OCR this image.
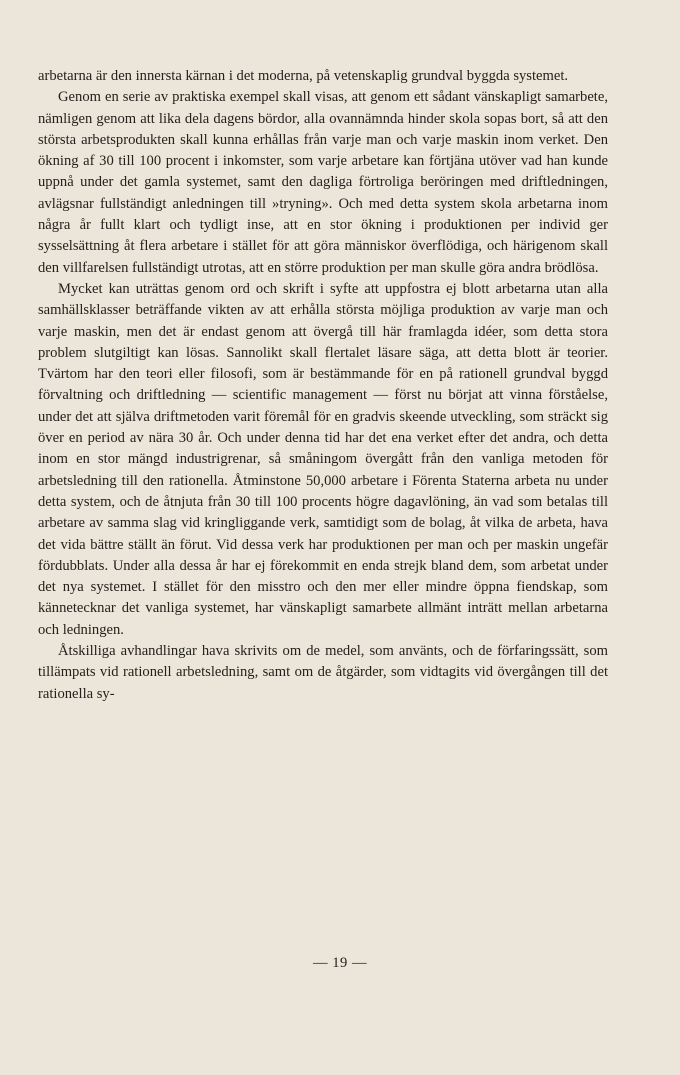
arbetarna är den innersta kärnan i det moderna, på vetenskaplig grundval byggda systemet.

Genom en serie av praktiska exempel skall visas, att genom ett sådant vänskapligt samarbete, nämligen genom att lika dela dagens bördor, alla ovannämnda hinder skola sopas bort, så att den största arbetsprodukten skall kunna erhållas från varje man och varje maskin inom verket. Den ökning af 30 till 100 procent i inkomster, som varje arbetare kan förtjäna utöver vad han kunde uppnå under det gamla systemet, samt den dagliga förtroliga beröringen med driftledningen, avlägsnar fullständigt anledningen till »tryning». Och med detta system skola arbetarna inom några år fullt klart och tydligt inse, att en stor ökning i produktionen per individ ger sysselsättning åt flera arbetare i stället för att göra människor överflödiga, och härigenom skall den villfarelsen fullständigt utrotas, att en större produktion per man skulle göra andra brödlösa.

Mycket kan uträttas genom ord och skrift i syfte att uppfostra ej blott arbetarna utan alla samhällsklasser beträffande vikten av att erhålla största möjliga produktion av varje man och varje maskin, men det är endast genom att övergå till här framlagda idéer, som detta stora problem slutgiltigt kan lösas. Sannolikt skall flertalet läsare säga, att detta blott är teorier. Tvärtom har den teori eller filosofi, som är bestämmande för en på rationell grundval byggd förvaltning och driftledning — scientific management — först nu börjat att vinna förståelse, under det att själva driftmetoden varit föremål för en gradvis skeende utveckling, som sträckt sig över en period av nära 30 år. Och under denna tid har det ena verket efter det andra, och detta inom en stor mängd industrigrenar, så småningom övergått från den vanliga metoden för arbetsledning till den rationella. Åtminstone 50,000 arbetare i Förenta Staterna arbeta nu under detta system, och de åtnjuta från 30 till 100 procents högre dagavlöning, än vad som betalas till arbetare av samma slag vid kringliggande verk, samtidigt som de bolag, åt vilka de arbeta, hava det vida bättre ställt än förut. Vid dessa verk har produktionen per man och per maskin ungefär fördubblats. Under alla dessa år har ej förekommit en enda strejk bland dem, som arbetat under det nya systemet. I stället för den misstro och den mer eller mindre öppna fiendskap, som kännetecknar det vanliga systemet, har vänskapligt samarbete allmänt inträtt mellan arbetarna och ledningen.

Åtskilliga avhandlingar hava skrivits om de medel, som använts, och de förfaringssätt, som tillämpats vid rationell arbetsledning, samt om de åtgärder, som vidtagits vid övergången till det rationella sy-

— 19 —
